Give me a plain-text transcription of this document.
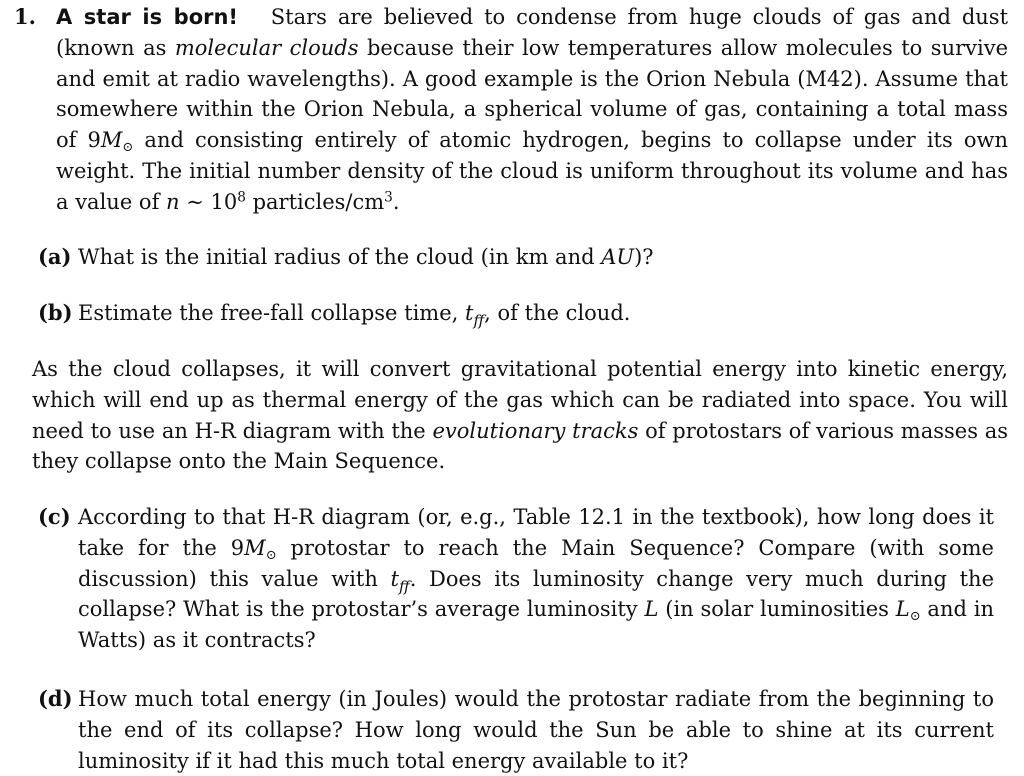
1. A star is born! Stars are believed to condense from huge clouds of gas and dust (known as molecular clouds because their low temperatures allow molecules to survive and emit at radio wavelengths). A good example is the Orion Nebula (M42). Assume that somewhere within the Orion Nebula, a spherical volume of gas, containing a total mass of 9M⊙ and consisting entirely of atomic hydrogen, begins to collapse under its own weight. The initial number density of the cloud is uniform throughout its volume and has a value of n ∼ $10^8$ particles/$cm^3$.

(a) What is the initial radius of the cloud (in km and AU)?

(b) Estimate the free-fall collapse time, $t_{ff}$, of the cloud.

As the cloud collapses, it will convert gravitational potential energy into kinetic energy, which will end up as thermal energy of the gas which can be radiated into space. You will need to use an H-R diagram with the evolutionary tracks of protostars of various masses as they collapse onto the Main Sequence.

(c) According to that H-R diagram (or, e.g., Table 12.1 in the textbook), how long does it take for the 9M⊙ protostar to reach the Main Sequence? Compare (with some discussion) this value with $t_{ff}$. Does its luminosity change very much during the collapse? What is the protostar’s average luminosity L (in solar luminosities L⊙ and in Watts) as it contracts?

(d) How much total energy (in Joules) would the protostar radiate from the beginning to the end of its collapse? How long would the Sun be able to shine at its current luminosity if it had this much total energy available to it?
